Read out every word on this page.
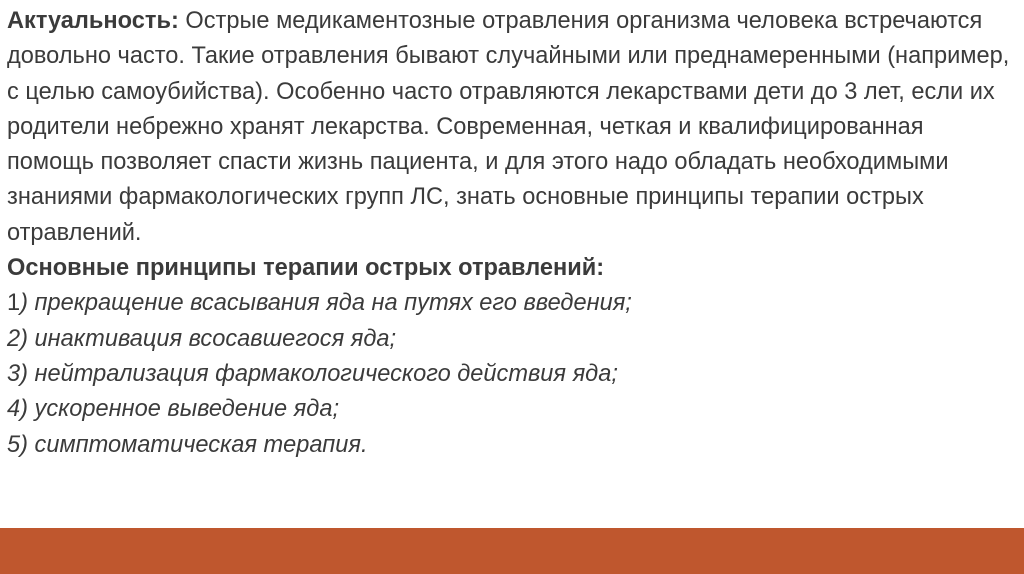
Актуальность: Острые медикаментозные отравления организма человека встречаются довольно часто. Такие отравления бывают случайными или преднамеренными (например, с целью самоубийства). Особенно часто отравляются лекарствами дети до 3 лет, если их родители небрежно хранят лекарства. Современная, четкая и квалифицированная помощь позволяет спасти жизнь пациента, и для этого надо обладать необходимыми знаниями фармакологических групп ЛС, знать основные принципы терапии острых отравлений.

Основные принципы терапии острых отравлений:

1) прекращение всасывания яда на путях его введения;
2) инактивация всосавшегося яда;
3) нейтрализация фармакологического действия яда;
4) ускоренное выведение яда;
5) симптоматическая терапия.
